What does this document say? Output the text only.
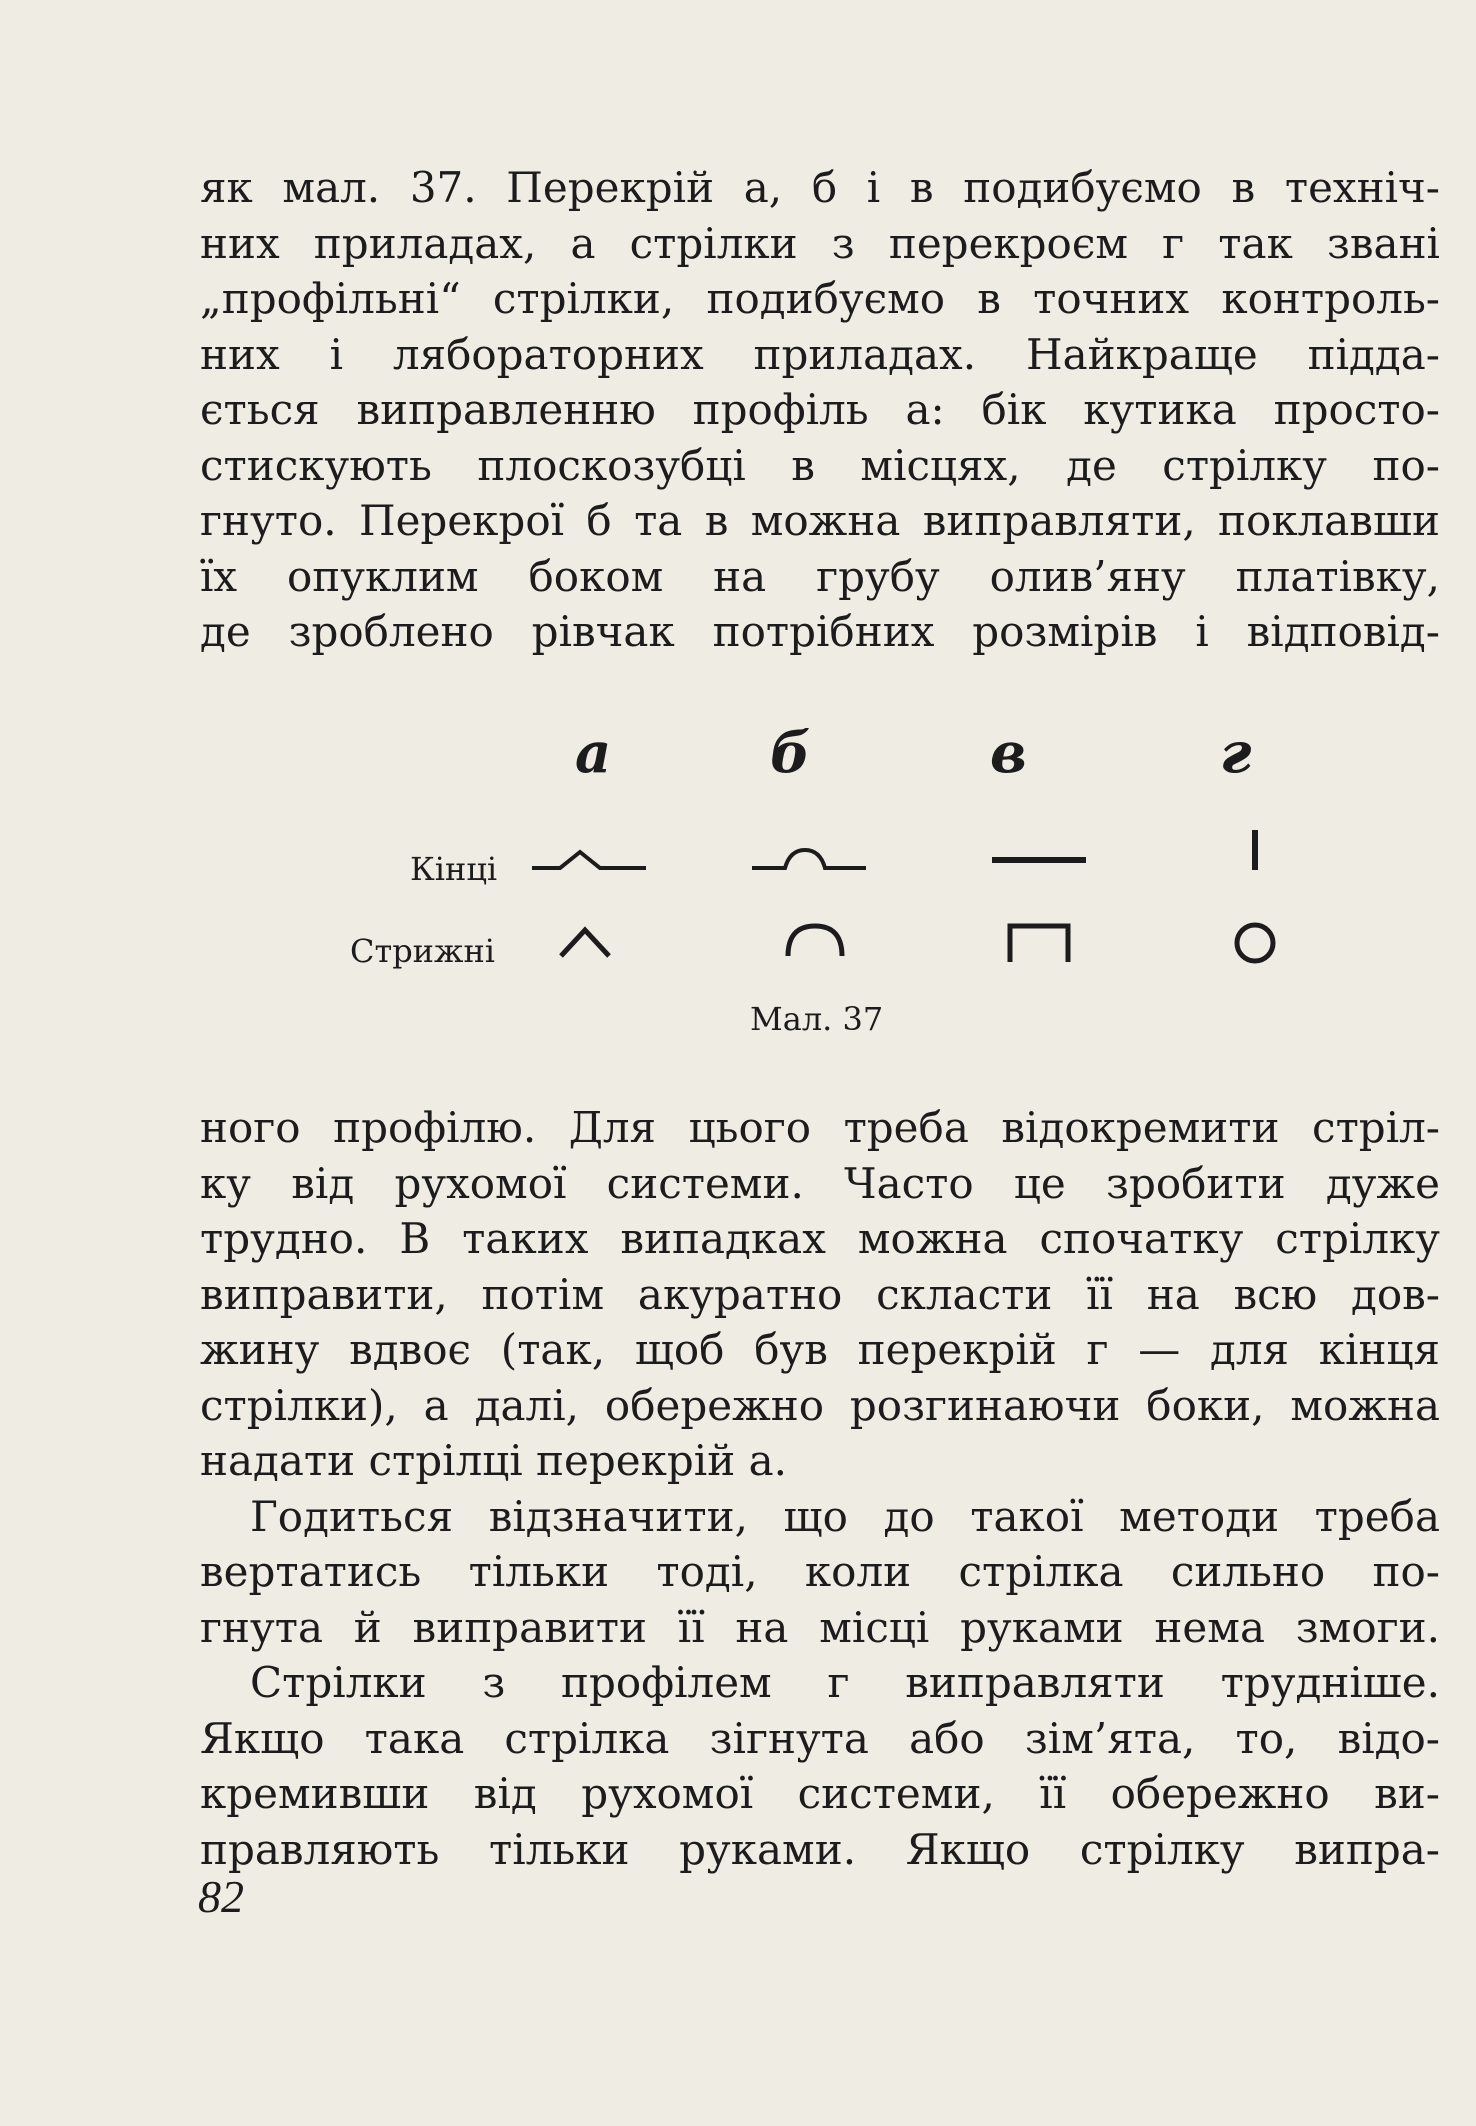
як мал. 37. Перекрій а, б і в подибуємо в техніч-
них приладах, а стрілки з перекроєм г так звані
„профільні“ стрілки, подибуємо в точних контроль-
них і лябораторних приладах. Найкраще підда-
ється виправленню профіль а: бік кутика просто-
стискують плоскозубці в місцях, де стрілку по-
гнуто. Перекрої б та в можна виправляти, поклавши
їх опуклим боком на грубу олив’яну платівку,
де зроблено рівчак потрібних розмірів і відповід-
а	б	в	г
Кінці
Стрижні
Мал. 37
ного профілю. Для цього треба відокремити стріл-
ку від рухомої системи. Часто це зробити дуже
трудно. В таких випадках можна спочатку стрілку
виправити, потім акуратно скласти її на всю дов-
жину вдвоє (так, щоб був перекрій г — для кінця
стрілки), а далі, обережно розгинаючи боки, можна
надати стрілці перекрій а.
Годиться відзначити, що до такої методи треба
вертатись тільки тоді, коли стрілка сильно по-
гнута й виправити її на місці руками нема змоги.
Стрілки з профілем г виправляти трудніше.
Якщо така стрілка зігнута або зім’ята, то, відо-
кремивши від рухомої системи, її обережно ви-
правляють тільки руками. Якщо стрілку випра-
82
